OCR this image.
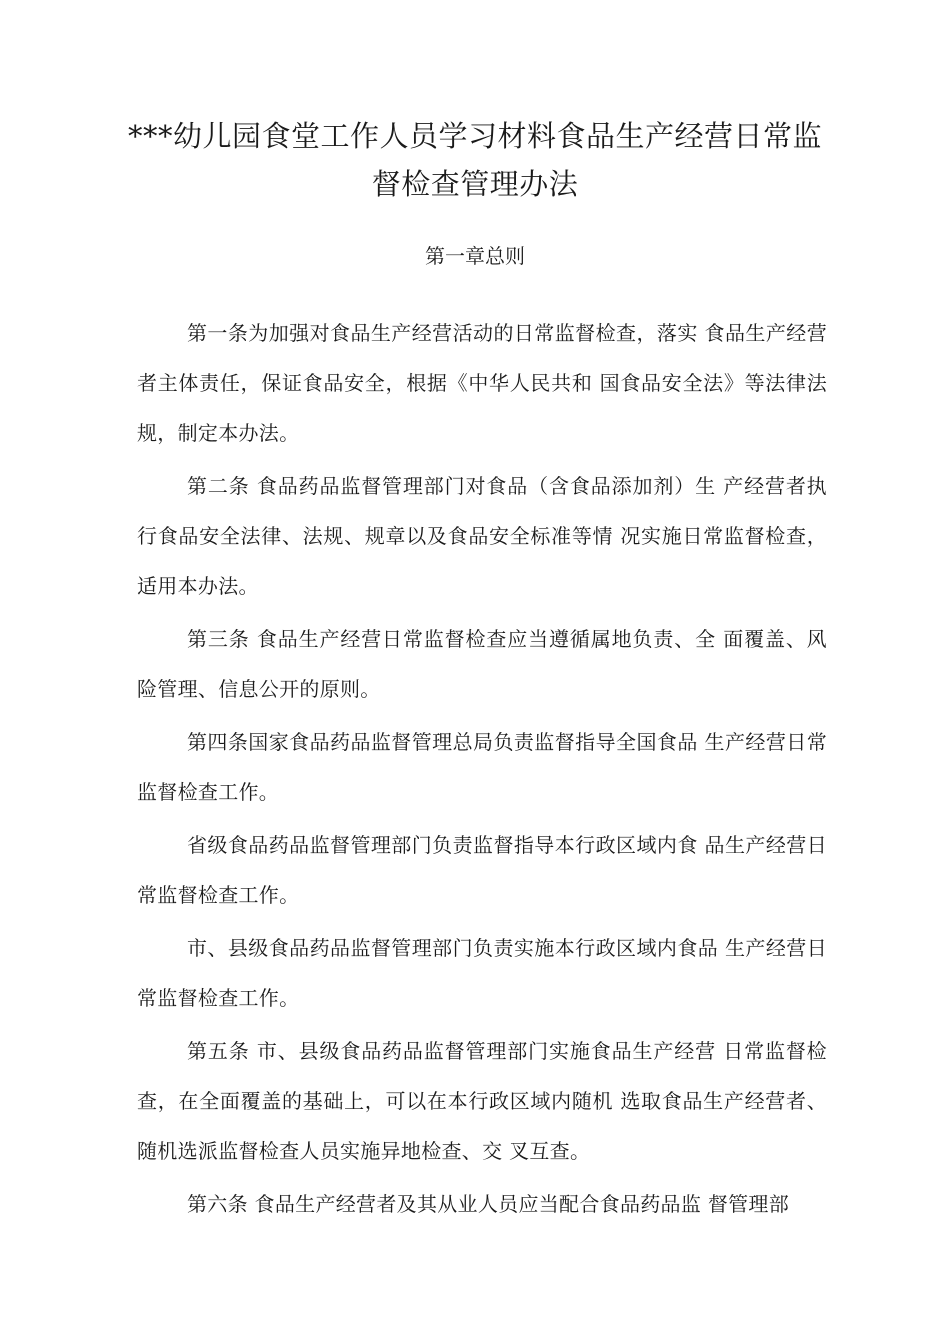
***幼儿园食堂工作人员学习材料食品生产经营日常监督检查管理办法
第一章总则

第一条为加强对食品生产经营活动的日常监督检查，落实 食品生产经营者主体责任，保证食品安全，根据《中华人民共和 国食品安全法》等法律法规，制定本办法。

第二条 食品药品监督管理部门对食品（含食品添加剂）生 产经营者执行食品安全法律、法规、规章以及食品安全标准等情 况实施日常监督检查，适用本办法。

第三条 食品生产经营日常监督检查应当遵循属地负责、全 面覆盖、风险管理、信息公开的原则。

第四条国家食品药品监督管理总局负责监督指导全国食品 生产经营日常监督检查工作。

省级食品药品监督管理部门负责监督指导本行政区域内食 品生产经营日常监督检查工作。

市、县级食品药品监督管理部门负责实施本行政区域内食品 生产经营日常监督检查工作。

第五条 市、县级食品药品监督管理部门实施食品生产经营 日常监督检查，在全面覆盖的基础上，可以在本行政区域内随机 选取食品生产经营者、随机选派监督检查人员实施异地检查、交 叉互查。

第六条 食品生产经营者及其从业人员应当配合食品药品监 督管理部
